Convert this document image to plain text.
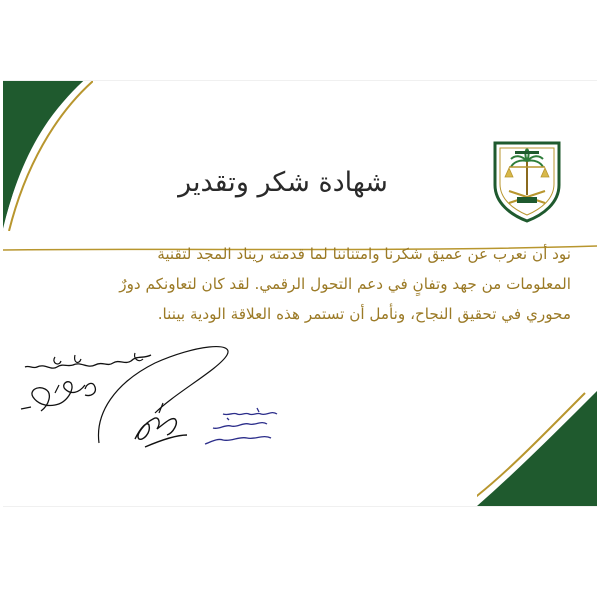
شهادة شكر وتقدير

نود أن نعرب عن عميق شكرنا وامتناننا لما قدمته ريناد المجد لتقنية

المعلومات من جهد وتفانٍ في دعم التحول الرقمي. لقد كان لتعاونكم دورٌ

محوري في تحقيق النجاح، ونأمل أن تستمر هذه العلاقة الودية بيننا.
